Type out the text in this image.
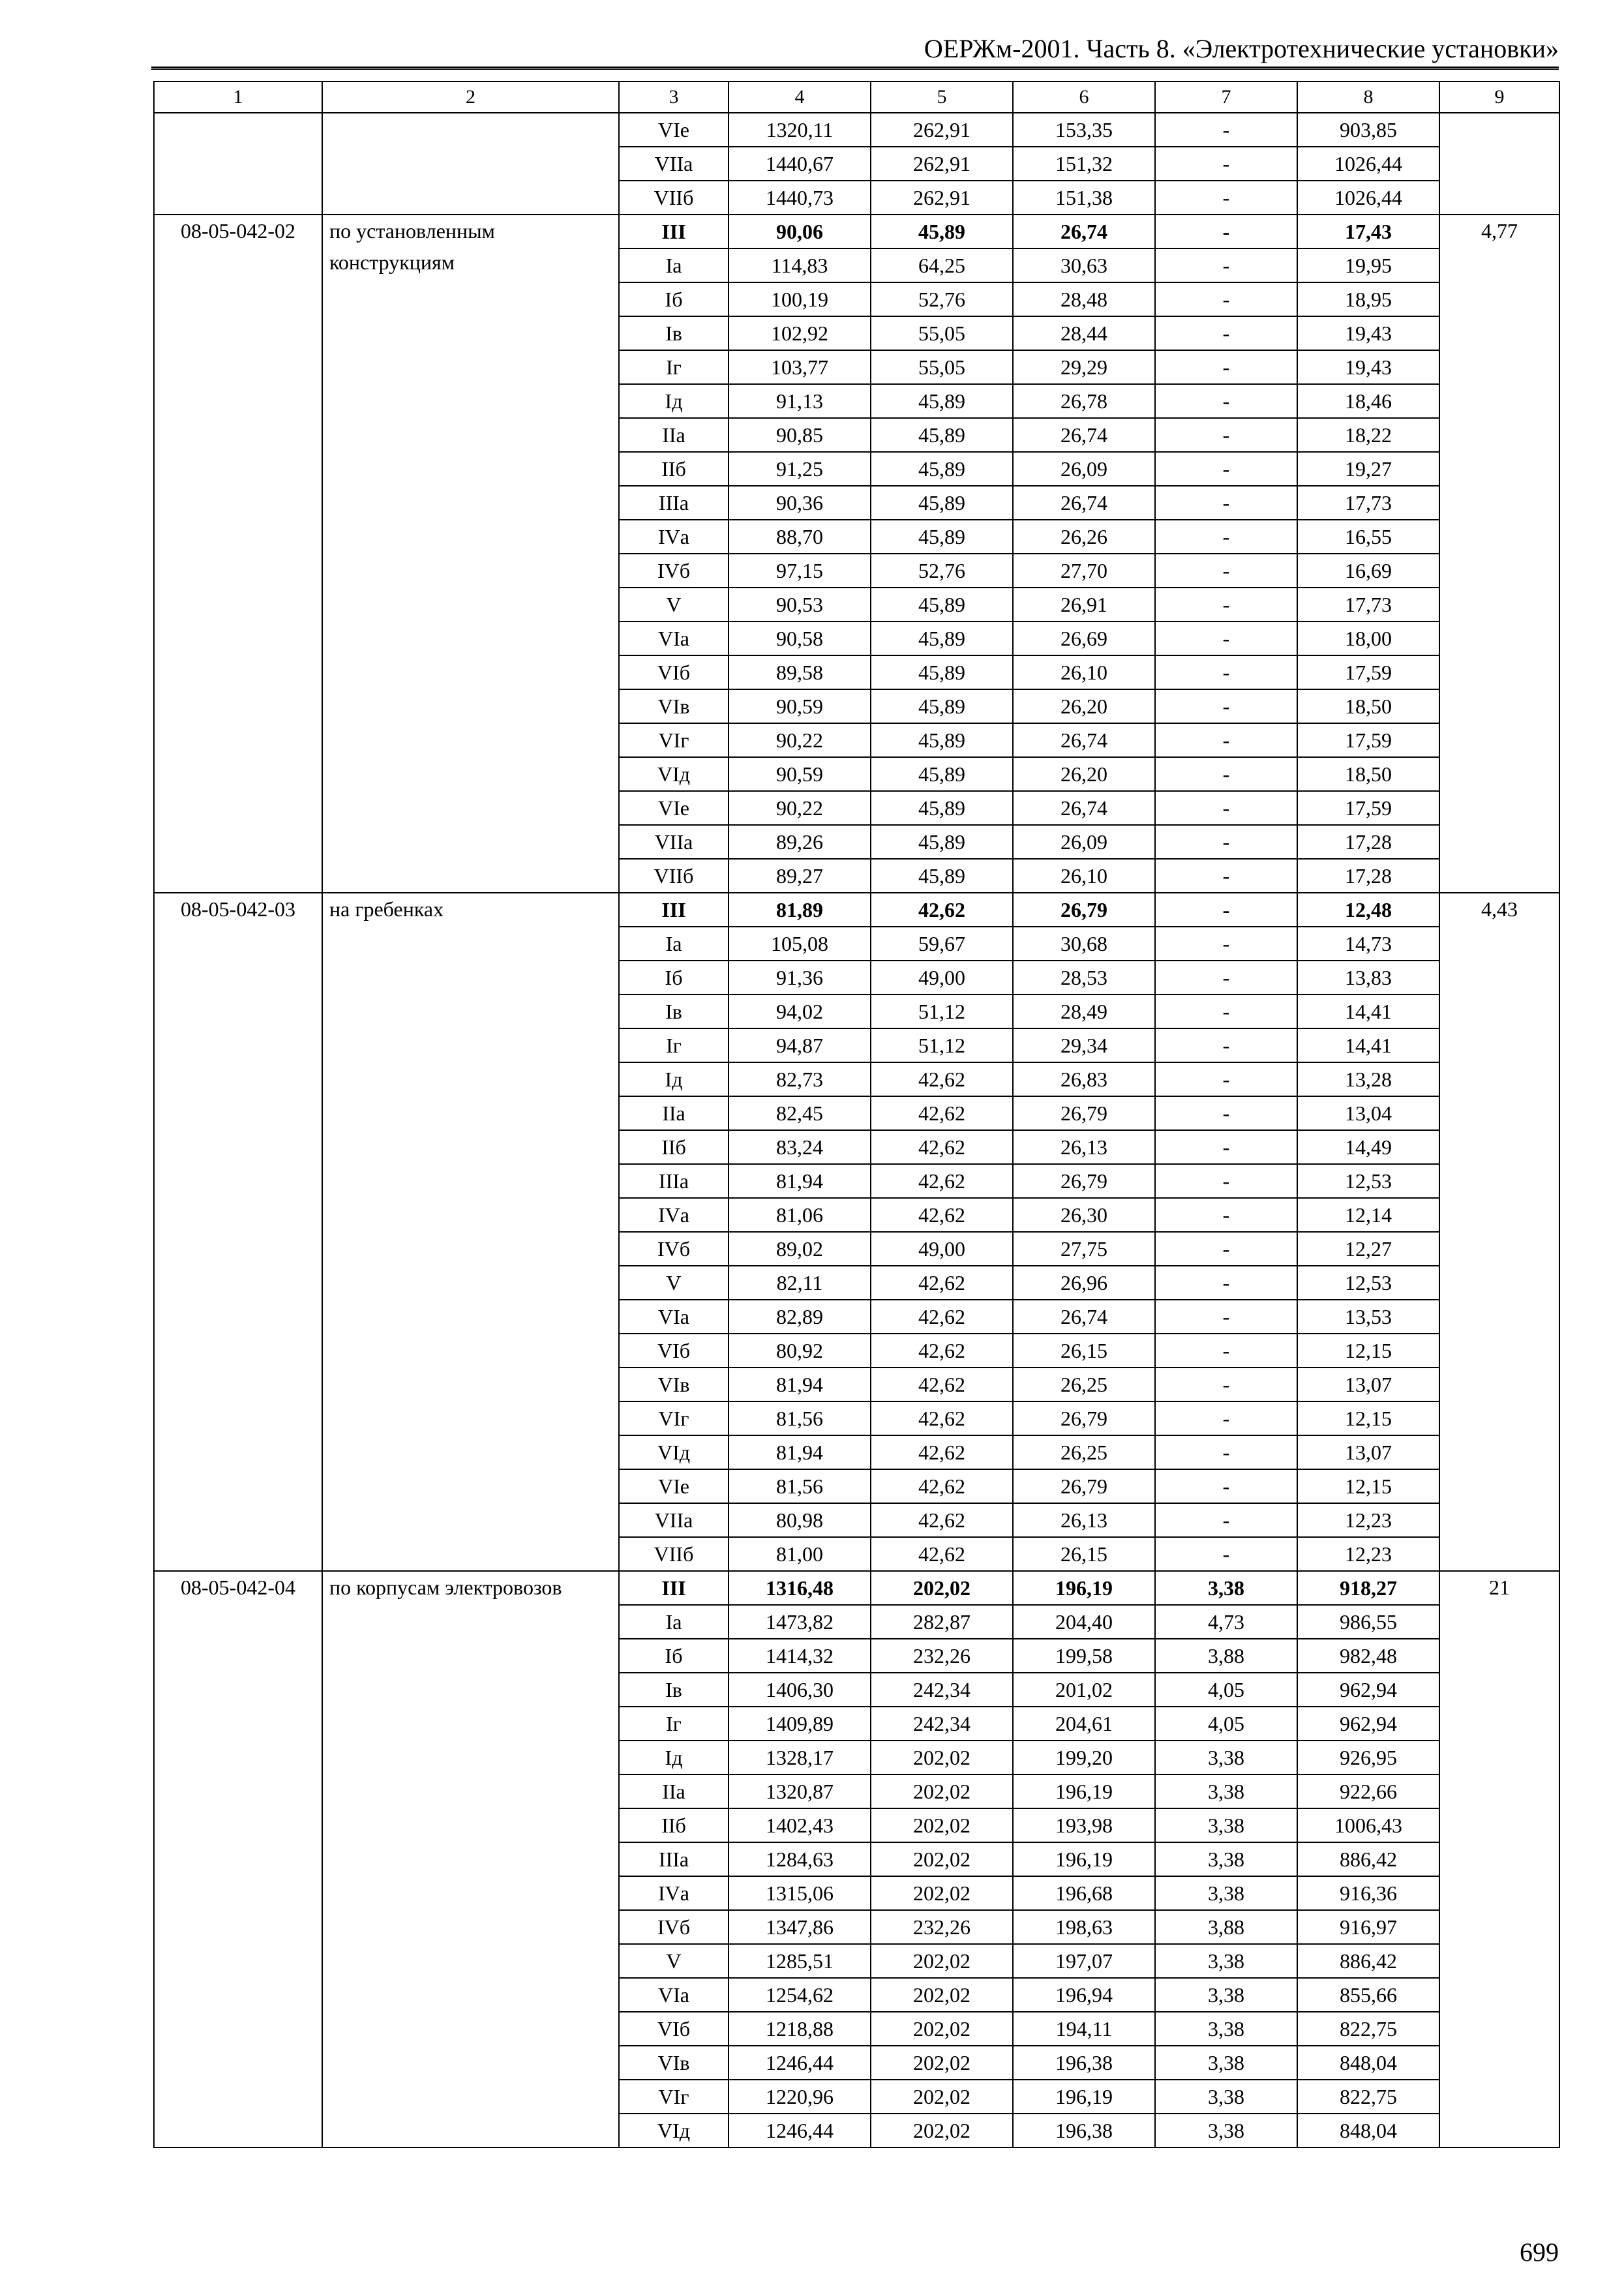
ОЕРЖм-2001. Часть 8. «Электротехнические установки»
1	2	3	4	5	6	7	8	9
		VIе	1320,11	262,91	153,35	-	903,85	
		VIIа	1440,67	262,91	151,32	-	1026,44	
		VIIб	1440,73	262,91	151,38	-	1026,44	
08-05-042-02	по установленным конструкциям	III	90,06	45,89	26,74	-	17,43	4,77
		Iа	114,83	64,25	30,63	-	19,95	
		Iб	100,19	52,76	28,48	-	18,95	
		Iв	102,92	55,05	28,44	-	19,43	
		Iг	103,77	55,05	29,29	-	19,43	
		Iд	91,13	45,89	26,78	-	18,46	
		IIа	90,85	45,89	26,74	-	18,22	
		IIб	91,25	45,89	26,09	-	19,27	
		IIIа	90,36	45,89	26,74	-	17,73	
		IVа	88,70	45,89	26,26	-	16,55	
		IVб	97,15	52,76	27,70	-	16,69	
		V	90,53	45,89	26,91	-	17,73	
		VIа	90,58	45,89	26,69	-	18,00	
		VIб	89,58	45,89	26,10	-	17,59	
		VIв	90,59	45,89	26,20	-	18,50	
		VIг	90,22	45,89	26,74	-	17,59	
		VIд	90,59	45,89	26,20	-	18,50	
		VIе	90,22	45,89	26,74	-	17,59	
		VIIа	89,26	45,89	26,09	-	17,28	
		VIIб	89,27	45,89	26,10	-	17,28	
08-05-042-03	на гребенках	III	81,89	42,62	26,79	-	12,48	4,43
		Iа	105,08	59,67	30,68	-	14,73	
		Iб	91,36	49,00	28,53	-	13,83	
		Iв	94,02	51,12	28,49	-	14,41	
		Iг	94,87	51,12	29,34	-	14,41	
		Iд	82,73	42,62	26,83	-	13,28	
		IIа	82,45	42,62	26,79	-	13,04	
		IIб	83,24	42,62	26,13	-	14,49	
		IIIа	81,94	42,62	26,79	-	12,53	
		IVа	81,06	42,62	26,30	-	12,14	
		IVб	89,02	49,00	27,75	-	12,27	
		V	82,11	42,62	26,96	-	12,53	
		VIа	82,89	42,62	26,74	-	13,53	
		VIб	80,92	42,62	26,15	-	12,15	
		VIв	81,94	42,62	26,25	-	13,07	
		VIг	81,56	42,62	26,79	-	12,15	
		VIд	81,94	42,62	26,25	-	13,07	
		VIе	81,56	42,62	26,79	-	12,15	
		VIIа	80,98	42,62	26,13	-	12,23	
		VIIб	81,00	42,62	26,15	-	12,23	
08-05-042-04	по корпусам электровозов	III	1316,48	202,02	196,19	3,38	918,27	21
		Iа	1473,82	282,87	204,40	4,73	986,55	
		Iб	1414,32	232,26	199,58	3,88	982,48	
		Iв	1406,30	242,34	201,02	4,05	962,94	
		Iг	1409,89	242,34	204,61	4,05	962,94	
		Iд	1328,17	202,02	199,20	3,38	926,95	
		IIа	1320,87	202,02	196,19	3,38	922,66	
		IIб	1402,43	202,02	193,98	3,38	1006,43	
		IIIа	1284,63	202,02	196,19	3,38	886,42	
		IVа	1315,06	202,02	196,68	3,38	916,36	
		IVб	1347,86	232,26	198,63	3,88	916,97	
		V	1285,51	202,02	197,07	3,38	886,42	
		VIа	1254,62	202,02	196,94	3,38	855,66	
		VIб	1218,88	202,02	194,11	3,38	822,75	
		VIв	1246,44	202,02	196,38	3,38	848,04	
		VIг	1220,96	202,02	196,19	3,38	822,75	
		VIд	1246,44	202,02	196,38	3,38	848,04	
699
